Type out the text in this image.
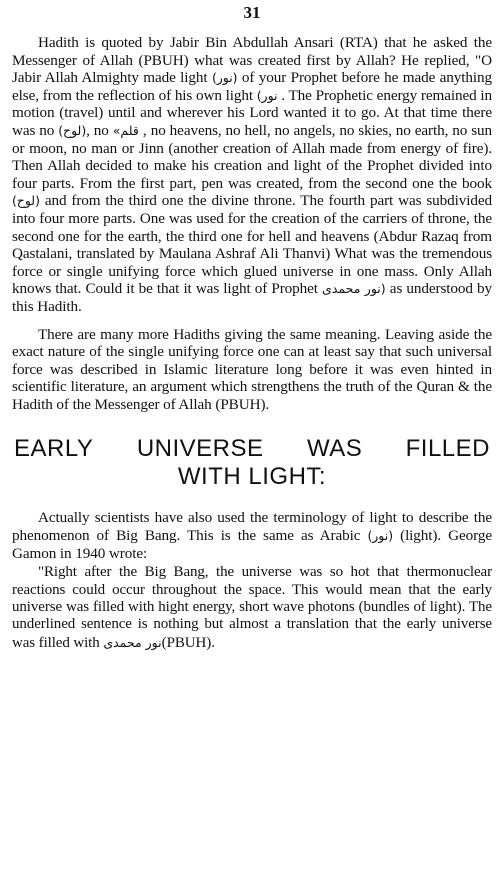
31

Hadith is quoted by Jabir Bin Abdullah Ansari (RTA) that he asked the Messenger of Allah (PBUH) what was created first by Allah? He replied, "O Jabir Allah Almighty made light (نور) of your Prophet before he made anything else, from the reflection of his own light نور) . The Prophetic energy remained in motion (travel) until and wherever his Lord wanted it to go. At that time there was no (لوح), no قلم» , no heavens, no hell, no angels, no skies, no earth, no sun or moon, no man or Jinn (another creation of Allah made from energy of fire). Then Allah decided to make his creation and light of the Prophet divided into four parts. From the first part, pen was created, from the second one the book (لوح) and from the third one the divine throne. The fourth part was subdivided into four more parts. One was used for the creation of the carriers of throne, the second one for the earth, the third one for hell and heavens (Abdur Razaq from Qastalani, translated by Maulana Ashraf Ali Thanvi) What was the tremendous force or single unifying force which glued universe in one mass. Only Allah knows that. Could it be that it was light of Prophet (نور محمدی as understood by this Hadith.

There are many more Hadiths giving the same meaning. Leaving aside the exact nature of the single unifying force one can at least say that such universal force was described in Islamic literature long before it was even hinted in scientific literature, an argument which strengthens the truth of the Quran & the Hadith of the Messenger of Allah (PBUH).

EARLY UNIVERSE WAS FILLED
WITH LIGHT:

Actually scientists have also used the terminology of light to describe the phenomenon of Big Bang. This is the same as Arabic (نور) (light). George Gamon in 1940 wrote:

"Right after the Big Bang, the universe was so hot that thermonuclear reactions could occur throughout the space. This would mean that the early universe was filled with hight energy, short wave photons (bundles of light). The underlined sentence is nothing but almost a translation that the early universe was filled with نور محمدی(PBUH).
